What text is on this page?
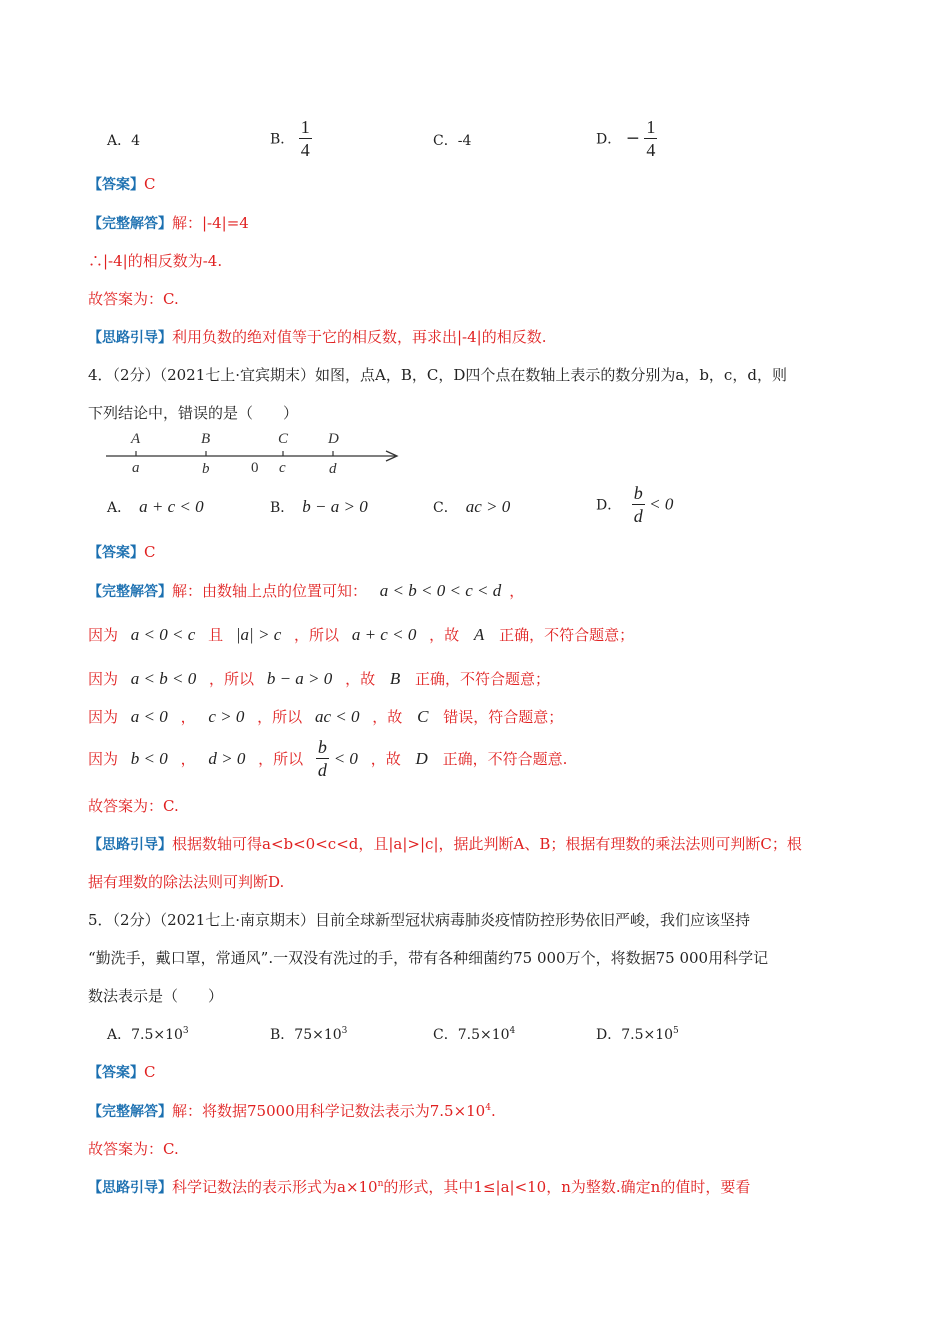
A．4	B． $\frac{1}{4}$	C．-4	D． − $\frac{1}{4}$
【答案】C
【完整解答】解：|-4|=4
∴|-4|的相反数为-4.
故答案为：C.
【思路引导】利用负数的绝对值等于它的相反数，再求出|-4|的相反数.
4．（2分）（2021七上·宜宾期末）如图，点A，B，C，D四个点在数轴上表示的数分别为a，b，c，d，则
下列结论中，错误的是（　　）
A	B	C	D
a	b	0 c	d
A． a + c < 0	B． b − a > 0	C． ac > 0	D． $\frac{b}{d} < 0$
【答案】C
【完整解答】解：由数轴上点的位置可知： a < b < 0 < c < d ，
因为 a < 0 < c 且 |a| > c ，所以 a + c < 0 ，故 A 正确，不符合题意；
因为 a < b < 0 ，所以 b − a > 0 ，故 B 正确，不符合题意；
因为 a < 0 ， c > 0 ，所以 ac < 0 ，故 C 错误，符合题意；
因为 b < 0 ， d > 0 ，所以 $\frac{b}{d} < 0$ ，故 D 正确，不符合题意.
故答案为：C.
【思路引导】根据数轴可得a<b<0<c<d，且|a|>|c|，据此判断A、B；根据有理数的乘法法则可判断C；根
据有理数的除法法则可判断D.
5．（2分）（2021七上·南京期末）目前全球新型冠状病毒肺炎疫情防控形势依旧严峻，我们应该坚持
“勤洗手，戴口罩，常通风”.一双没有洗过的手，带有各种细菌约75 000万个，将数据75 000用科学记
数法表示是（　　）
A．$7.5\times 10^3$	B．$75\times 10^3$	C．$7.5\times 10^4$	D．$7.5\times 10^5$
【答案】C
【完整解答】解：将数据75000用科学记数法表示为$7.5\times 10^4$.
故答案为：C.
【思路引导】科学记数法的表示形式为$a\times 10^n$的形式，其中1≤|a|<10，n为整数.确定n的值时，要看
